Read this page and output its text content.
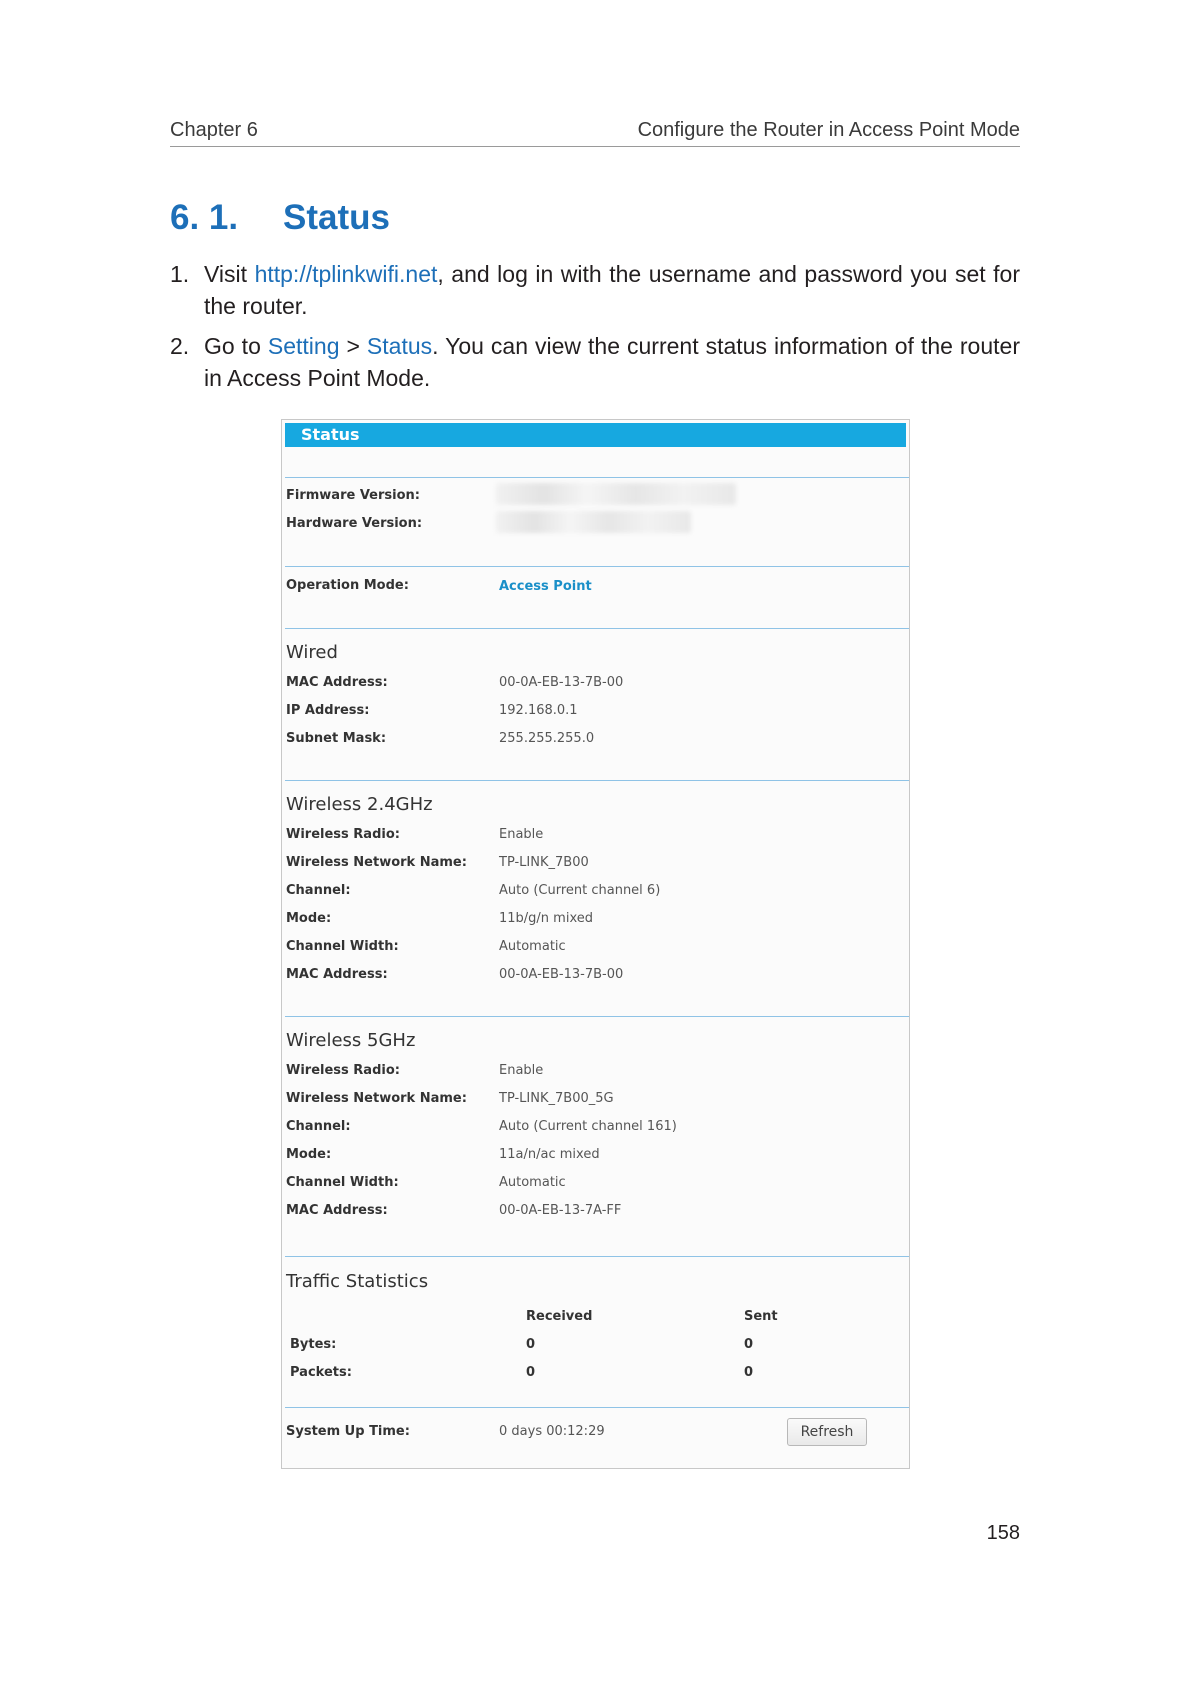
Chapter 6	Configure the Router in Access Point Mode
6. 1. Status
1. Visit http://tplinkwifi.net, and log in with the username and password you set for the router.
2. Go to Setting > Status. You can view the current status information of the router in Access Point Mode.
Status
Firmware Version:
Hardware Version:
Operation Mode:	Access Point
Wired
MAC Address:	00-0A-EB-13-7B-00
IP Address:	192.168.0.1
Subnet Mask:	255.255.255.0
Wireless 2.4GHz
Wireless Radio:	Enable
Wireless Network Name: TP-LINK_7B00
Channel:	Auto (Current channel 6)
Mode:	11b/g/n mixed
Channel Width:	Automatic
MAC Address:	00-0A-EB-13-7B-00
Wireless 5GHz
Wireless Radio:	Enable
Wireless Network Name: TP-LINK_7B00_5G
Channel:	Auto (Current channel 161)
Mode:	11a/n/ac mixed
Channel Width:	Automatic
MAC Address:	00-0A-EB-13-7A-FF
Traffic Statistics
Received	Sent
Bytes:	0	0
Packets:	0	0
System Up Time:	0 days 00:12:29	Refresh
158
